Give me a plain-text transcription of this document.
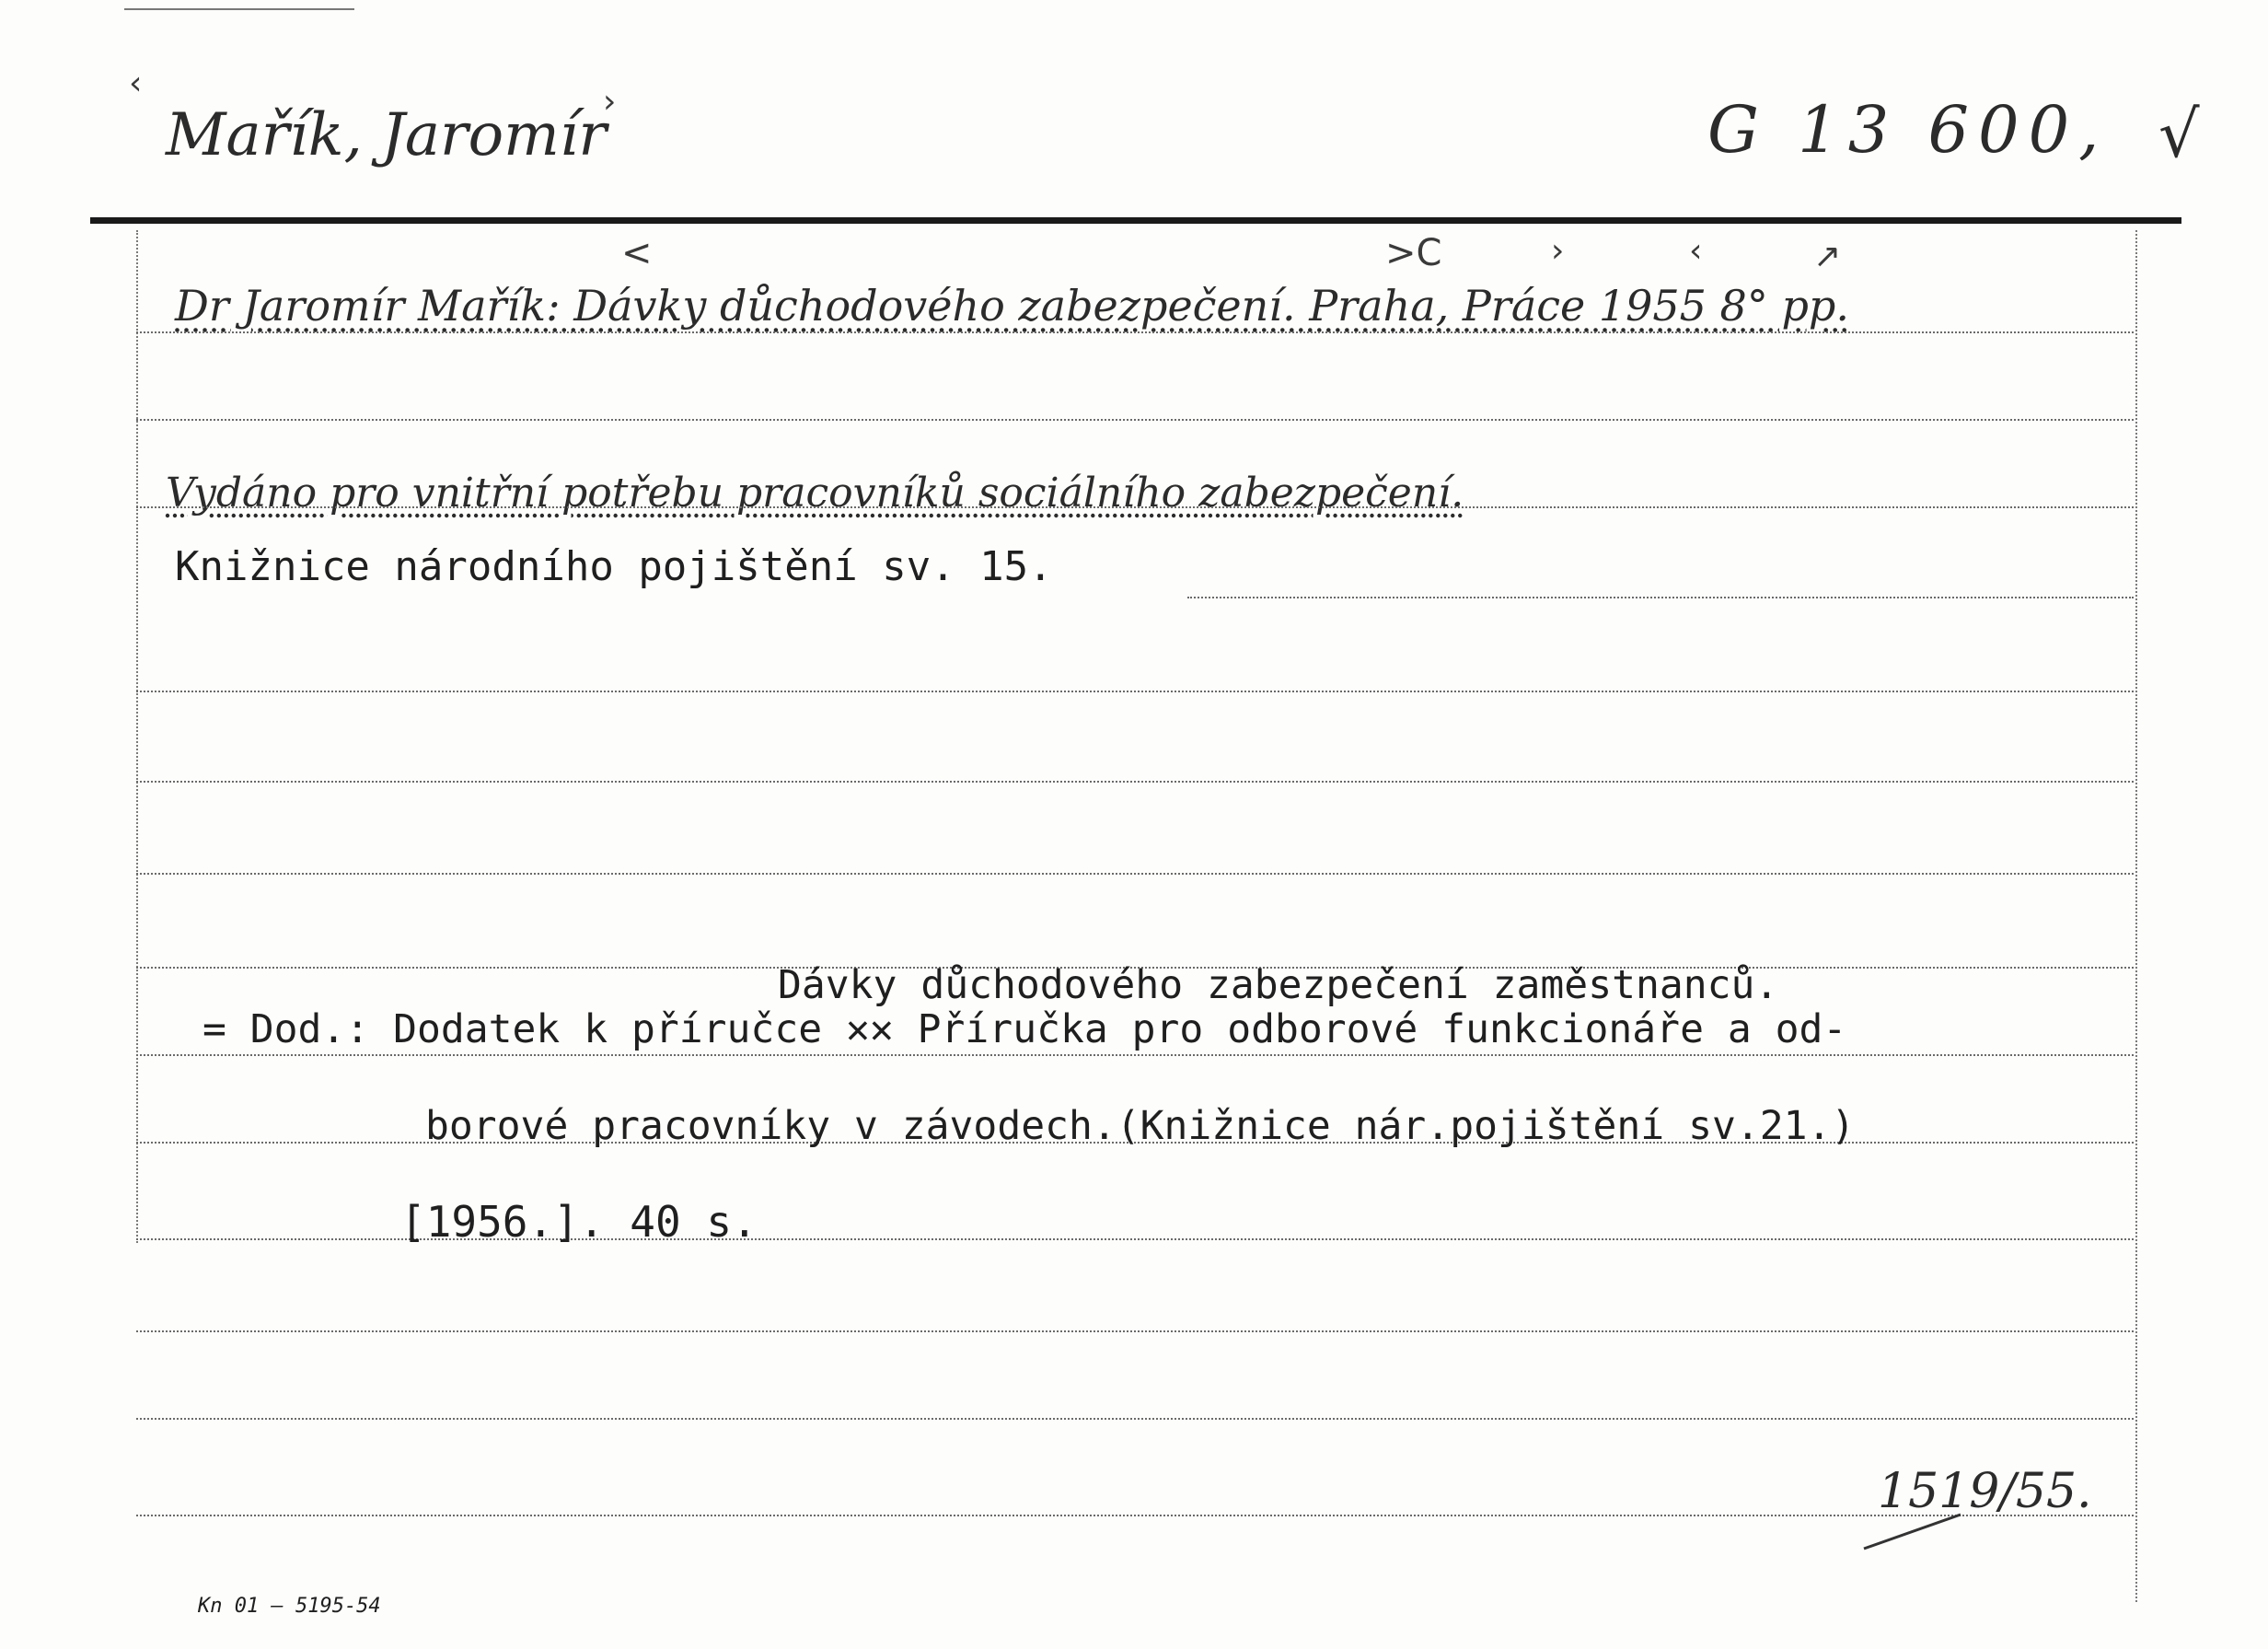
Mařík, Jaromír	G 13 600, √
Dr Jaromír Mařík: Dávky důchodového zabezpečení. Praha, Práce 1955 8° pp.
Vydáno pro vnitřní potřebu pracovníků sociálního zabezpečení.
Knižnice národního pojištění sv. 15.
Dávky důchodového zabezpečení zaměstnanců.
= Dod.: Dodatek k příručce ✕✕ Příručka pro odborové funkcionáře a od-
borové pracovníky v závodech.(Knižnice nár.pojištění sv.21.)
[1956.]. 40 s.
1519/55.
Kn 01 — 5195-54
‹	›
<	>C	›	‹	↗
